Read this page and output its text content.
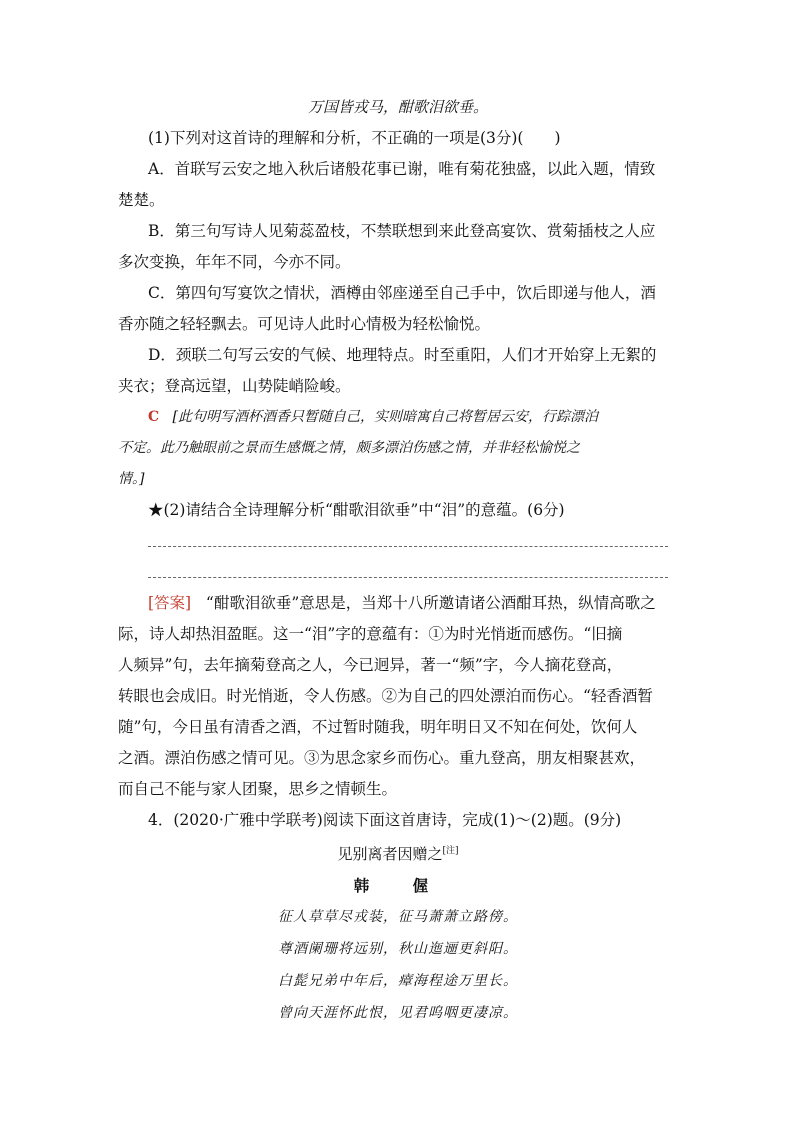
万国皆戎马，酣歌泪欲垂。
(1)下列对这首诗的理解和分析，不正确的一项是(3分)(　　)
A．首联写云安之地入秋后诸般花事已谢，唯有菊花独盛，以此入题，情致
楚楚。
B．第三句写诗人见菊蕊盈枝，不禁联想到来此登高宴饮、赏菊插枝之人应
多次变换，年年不同，今亦不同。
C．第四句写宴饮之情状，酒樽由邻座递至自己手中，饮后即递与他人，酒
香亦随之轻轻飘去。可见诗人此时心情极为轻松愉悦。
D．颈联二句写云安的气候、地理特点。时至重阳，人们才开始穿上无絮的
夹衣；登高远望，山势陡峭险峻。
C [此句明写酒杯酒香只暂随自己，实则暗寓自己将暂居云安，行踪漂泊
不定。此乃触眼前之景而生感慨之情，颇多漂泊伤感之情，并非轻松愉悦之
情。]
★(2)请结合全诗理解分析“酣歌泪欲垂”中“泪”的意蕴。(6分)
[答案] “酣歌泪欲垂”意思是，当郑十八所邀请诸公酒酣耳热，纵情高歌之
际，诗人却热泪盈眶。这一“泪”字的意蕴有：①为时光悄逝而感伤。“旧摘
人频异”句，去年摘菊登高之人，今已迥异，著一“频”字，今人摘花登高，
转眼也会成旧。时光悄逝，令人伤感。②为自己的四处漂泊而伤心。“轻香酒暂
随”句，今日虽有清香之酒，不过暂时随我，明年明日又不知在何处，饮何人
之酒。漂泊伤感之情可见。③为思念家乡而伤心。重九登高，朋友相聚甚欢，
而自己不能与家人团聚，思乡之情顿生。
4．(2020·广雅中学联考)阅读下面这首唐诗，完成(1)～(2)题。(9分)
见别离者因赠之[注]
韩　偓
征人草草尽戎装，征马萧萧立路傍。
尊酒阑珊将远别，秋山迤逦更斜阳。
白髭兄弟中年后，瘴海程途万里长。
曾向天涯怀此恨，见君呜咽更凄凉。
